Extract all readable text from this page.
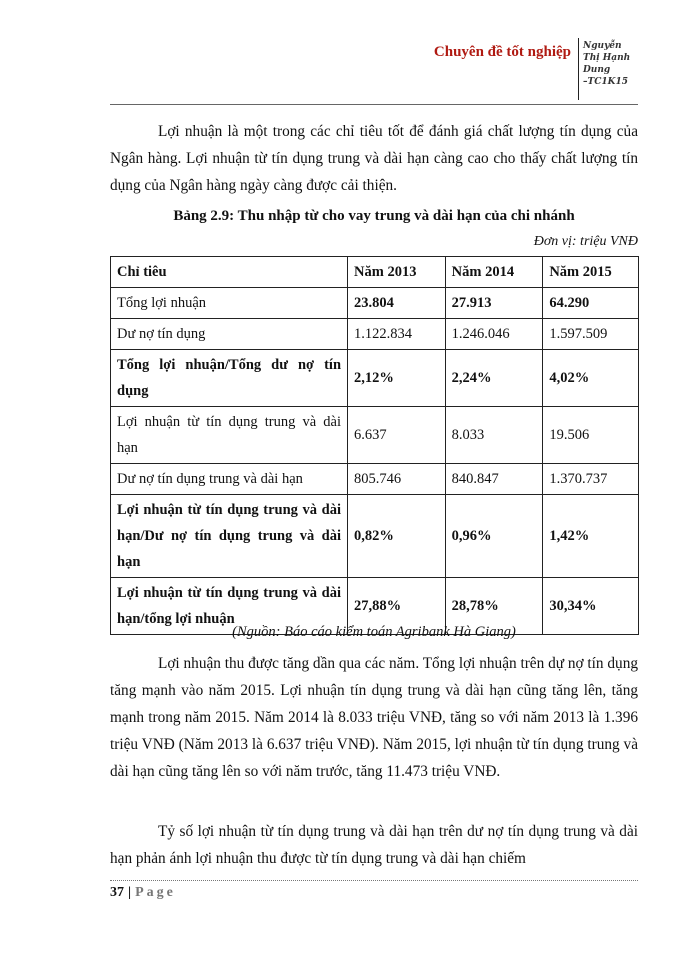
Chuyên đề tốt nghiệp Nguyễn
Thị Hạnh
Dung
–TC1K15

Lợi nhuận là một trong các chỉ tiêu tốt để đánh giá chất lượng tín dụng của Ngân hàng. Lợi nhuận từ tín dụng trung và dài hạn càng cao cho thấy chất lượng tín dụng của Ngân hàng ngày càng được cải thiện.

Bảng 2.9: Thu nhập từ cho vay trung và dài hạn của chi nhánh
Đơn vị: triệu VNĐ
Chỉ tiêu	Năm 2013	Năm 2014	Năm 2015
Tổng lợi nhuận	23.804	27.913	64.290
Dư nợ tín dụng	1.122.834	1.246.046	1.597.509
Tổng lợi nhuận/Tổng dư nợ tín dụng	2,12%	2,24%	4,02%
Lợi nhuận từ tín dụng trung và dài hạn	6.637	8.033	19.506
Dư nợ tín dụng trung và dài hạn	805.746	840.847	1.370.737
Lợi nhuận từ tín dụng trung và dài hạn/Dư nợ tín dụng trung và dài hạn	0,82%	0,96%	1,42%
Lợi nhuận từ tín dụng trung và dài hạn/tổng lợi nhuận	27,88%	28,78%	30,34%
(Nguồn: Báo cáo kiểm toán Agribank Hà Giang)

Lợi nhuận thu được tăng dần qua các năm. Tổng lợi nhuận trên dự nợ tín dụng tăng mạnh vào năm 2015. Lợi nhuận tín dụng trung và dài hạn cũng tăng lên, tăng mạnh trong năm 2015. Năm 2014 là 8.033 triệu VNĐ, tăng so với năm 2013 là 1.396 triệu VNĐ (Năm 2013 là 6.637 triệu VNĐ). Năm 2015, lợi nhuận từ tín dụng trung và dài hạn cũng tăng lên so với năm trước, tăng 11.473 triệu VNĐ.

Tỷ số lợi nhuận từ tín dụng trung và dài hạn trên dư nợ tín dụng trung và dài hạn phản ánh lợi nhuận thu được từ tín dụng trung và dài hạn chiếm

37 | Page
